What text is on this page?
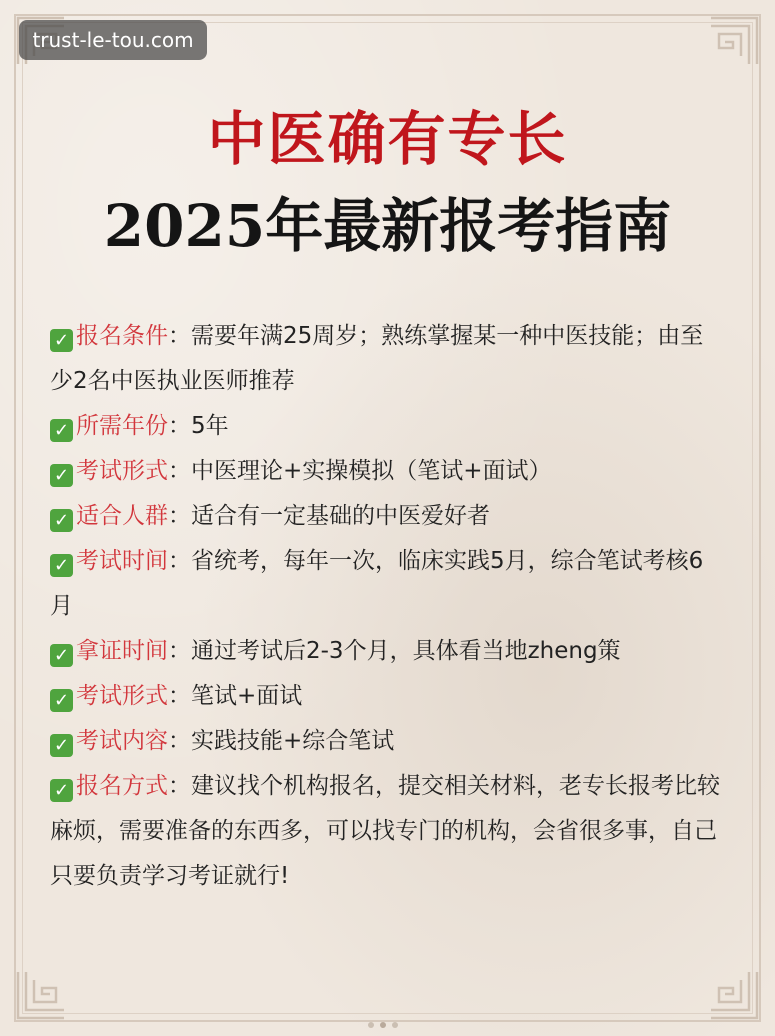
trust-le-tou.com
中医确有专长
2025年最新报考指南

✓ 报名条件：需要年满25周岁；熟练掌握某一种中医技能；由至少2名中医执业医师推荐

✓ 所需年份：5年

✓ 考试形式：中医理论+实操模拟（笔试+面试）

✓ 适合人群：适合有一定基础的中医爱好者

✓ 考试时间：省统考，每年一次，临床实践5月，综合笔试考核6月

✓ 拿证时间：通过考试后2-3个月，具体看当地zheng策

✓ 考试形式：笔试+面试

✓ 考试内容：实践技能+综合笔试

✓ 报名方式：建议找个机构报名，提交相关材料，老专长报考比较麻烦，需要准备的东西多，可以找专门的机构，会省很多事，自己只要负责学习考证就行!
